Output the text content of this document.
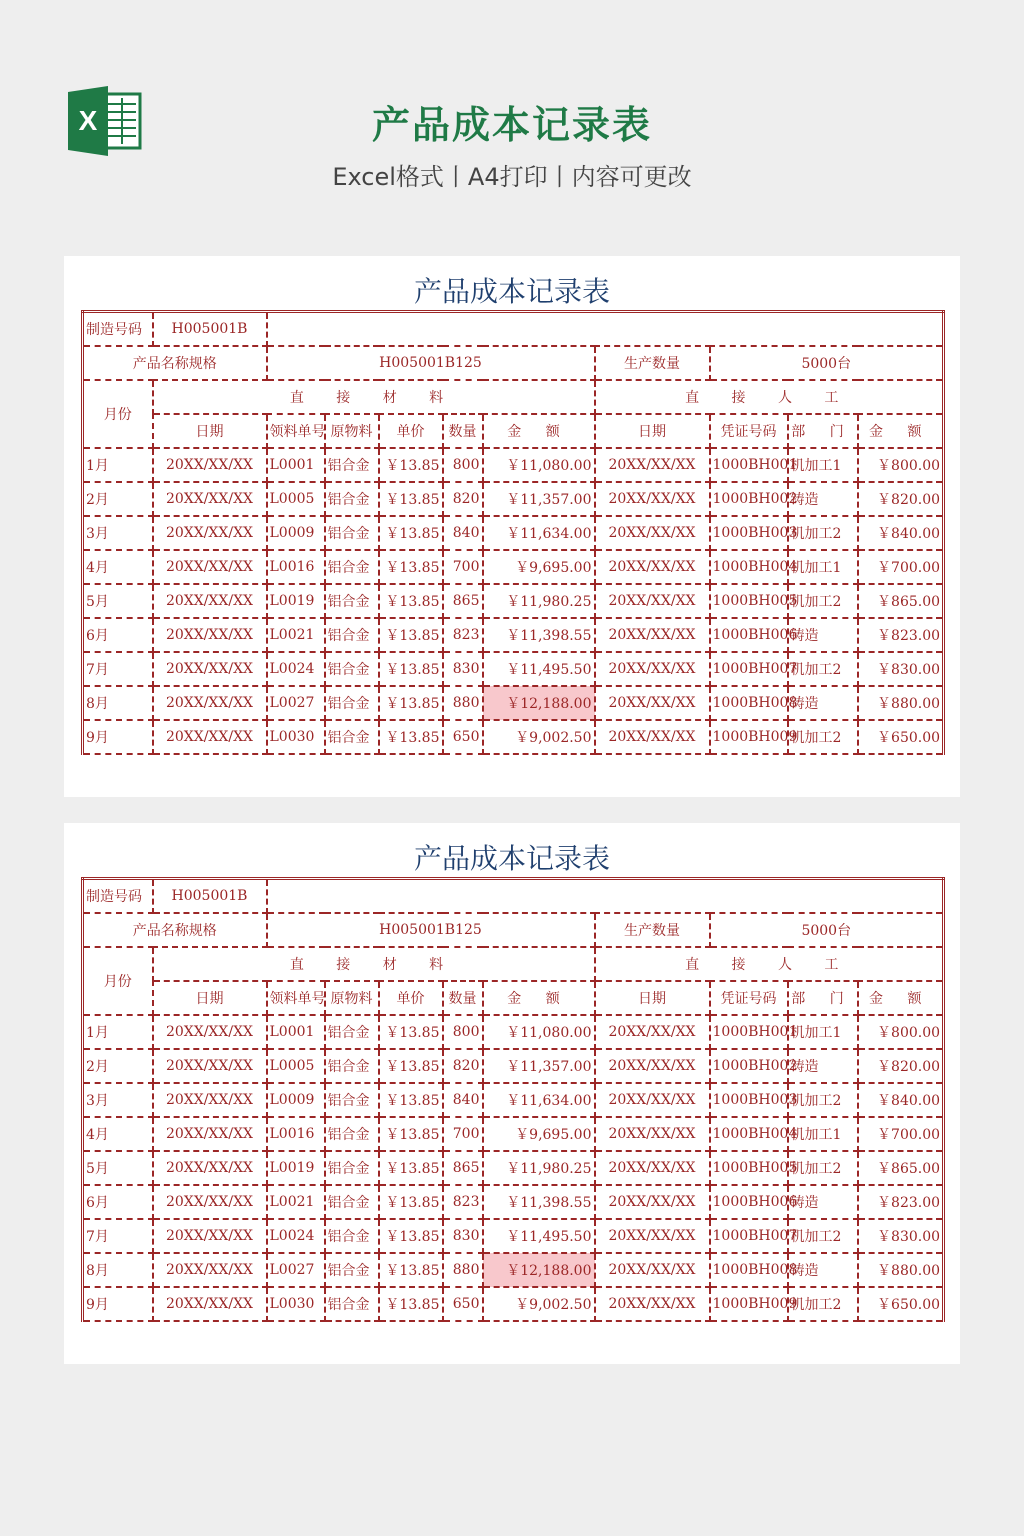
X	产品成本记录表
Excel格式丨A4打印丨内容可更改
产品成本记录表
制造号码	H005001B									
产品名称规格		H005001B125					生产数量	5000台		
月份	直 接 材 料						直 接 人 工			
	日期	领料单号	原物料	单价	数量	金 额	日期	凭证号码	部 门	金 额
1月	20XX/XX/XX	L0001	铝合金	￥13.85	800	￥11,080.00	20XX/XX/XX	1000BH001	机加工1	￥800.00
2月	20XX/XX/XX	L0005	铝合金	￥13.85	820	￥11,357.00	20XX/XX/XX	1000BH002	铸造	￥820.00
3月	20XX/XX/XX	L0009	铝合金	￥13.85	840	￥11,634.00	20XX/XX/XX	1000BH003	机加工2	￥840.00
4月	20XX/XX/XX	L0016	铝合金	￥13.85	700	￥9,695.00	20XX/XX/XX	1000BH004	机加工1	￥700.00
5月	20XX/XX/XX	L0019	铝合金	￥13.85	865	￥11,980.25	20XX/XX/XX	1000BH005	机加工2	￥865.00
6月	20XX/XX/XX	L0021	铝合金	￥13.85	823	￥11,398.55	20XX/XX/XX	1000BH006	铸造	￥823.00
7月	20XX/XX/XX	L0024	铝合金	￥13.85	830	￥11,495.50	20XX/XX/XX	1000BH007	机加工2	￥830.00
8月	20XX/XX/XX	L0027	铝合金	￥13.85	880	￥12,188.00	20XX/XX/XX	1000BH008	铸造	￥880.00
9月	20XX/XX/XX	L0030	铝合金	￥13.85	650	￥9,002.50	20XX/XX/XX	1000BH009	机加工2	￥650.00
产品成本记录表
制造号码	H005001B									
产品名称规格		H005001B125					生产数量	5000台		
月份	直 接 材 料						直 接 人 工			
	日期	领料单号	原物料	单价	数量	金 额	日期	凭证号码	部 门	金 额
1月	20XX/XX/XX	L0001	铝合金	￥13.85	800	￥11,080.00	20XX/XX/XX	1000BH001	机加工1	￥800.00
2月	20XX/XX/XX	L0005	铝合金	￥13.85	820	￥11,357.00	20XX/XX/XX	1000BH002	铸造	￥820.00
3月	20XX/XX/XX	L0009	铝合金	￥13.85	840	￥11,634.00	20XX/XX/XX	1000BH003	机加工2	￥840.00
4月	20XX/XX/XX	L0016	铝合金	￥13.85	700	￥9,695.00	20XX/XX/XX	1000BH004	机加工1	￥700.00
5月	20XX/XX/XX	L0019	铝合金	￥13.85	865	￥11,980.25	20XX/XX/XX	1000BH005	机加工2	￥865.00
6月	20XX/XX/XX	L0021	铝合金	￥13.85	823	￥11,398.55	20XX/XX/XX	1000BH006	铸造	￥823.00
7月	20XX/XX/XX	L0024	铝合金	￥13.85	830	￥11,495.50	20XX/XX/XX	1000BH007	机加工2	￥830.00
8月	20XX/XX/XX	L0027	铝合金	￥13.85	880	￥12,188.00	20XX/XX/XX	1000BH008	铸造	￥880.00
9月	20XX/XX/XX	L0030	铝合金	￥13.85	650	￥9,002.50	20XX/XX/XX	1000BH009	机加工2	￥650.00
